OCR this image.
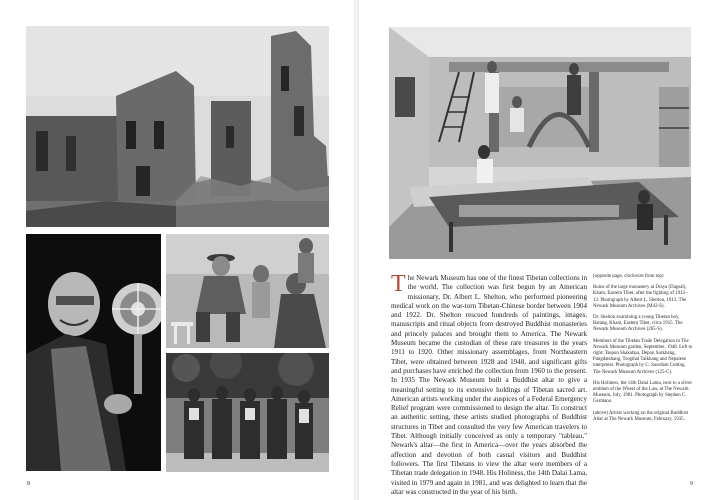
The Newark Museum has one of the finest Tibetan collections in the world. The collection was first begun by an American missionary, Dr. Albert L. Shelton, who performed pioneering medical work on the war-torn Tibetan-Chinese border between 1904 and 1922. Dr. Shelton rescued hundreds of paintings, images, manuscripts and ritual objects from destroyed Buddhist monasteries and princely palaces and brought them to America. The Newark Museum became the custodian of these rare treasures in the years 1911 to 1920. Other missionary assemblages, from Northeastern Tibet, were obtained between 1928 and 1948, and significant gifts and purchases have enriched the collection from 1960 to the present. In 1935 The Newark Museum built a Buddhist altar to give a meaningful setting to its extensive holdings of Tibetan sacred art. American artists working under the auspices of a Federal Emergency Relief program were commissioned to design the altar. To construct an authentic setting, these artists studied photographs of Buddhist structures in Tibet and consulted the very few American travelers to Tibet. Although initially conceived as only a temporary "tableau," Newark's altar—the first in America—over the years absorbed the affection and devotion of both casual visitors and Buddhist followers. The first Tibetans to view the altar were members of a Tibetan trade delegation in 1948. His Holiness, the 14th Dalai Lama, visited in 1979 and again in 1981, and was delighted to learn that the altar was constructed in the year of his birth.

(opposite page, clockwise from top)

Ruins of the large monastery at Draya (Dagsal), Kham, Eastern Tibet, after the fighting of 1912–13. Photograph by Albert L. Shelton, 1913. The Newark Museum Archives (M42-S).

Dr. Shelton examining a young Tibetan boy, Batang, Kham, Eastern Tibet, circa 1915. The Newark Museum Archives (265-S).

Members of the Tibetan Trade Delegation in The Newark Museum garden, September, 1948. Left to right: Tsepon Shakabpa, Depon Surkhang, Pangdatshang, Tsogthal Taikhang and Nepalese interpreter. Photograph by C. Sussdam Cutting. The Newark Museum Archives (125-C).

His Holiness, the 14th Dalai Lama, next to a silver emblem of the Wheel of the Law, at The Newark Museum, July, 1981. Photograph by Stephen C. Germano.

(above) Artists working on the original Buddhist Altar at The Newark Museum, February, 1935.

8	9
